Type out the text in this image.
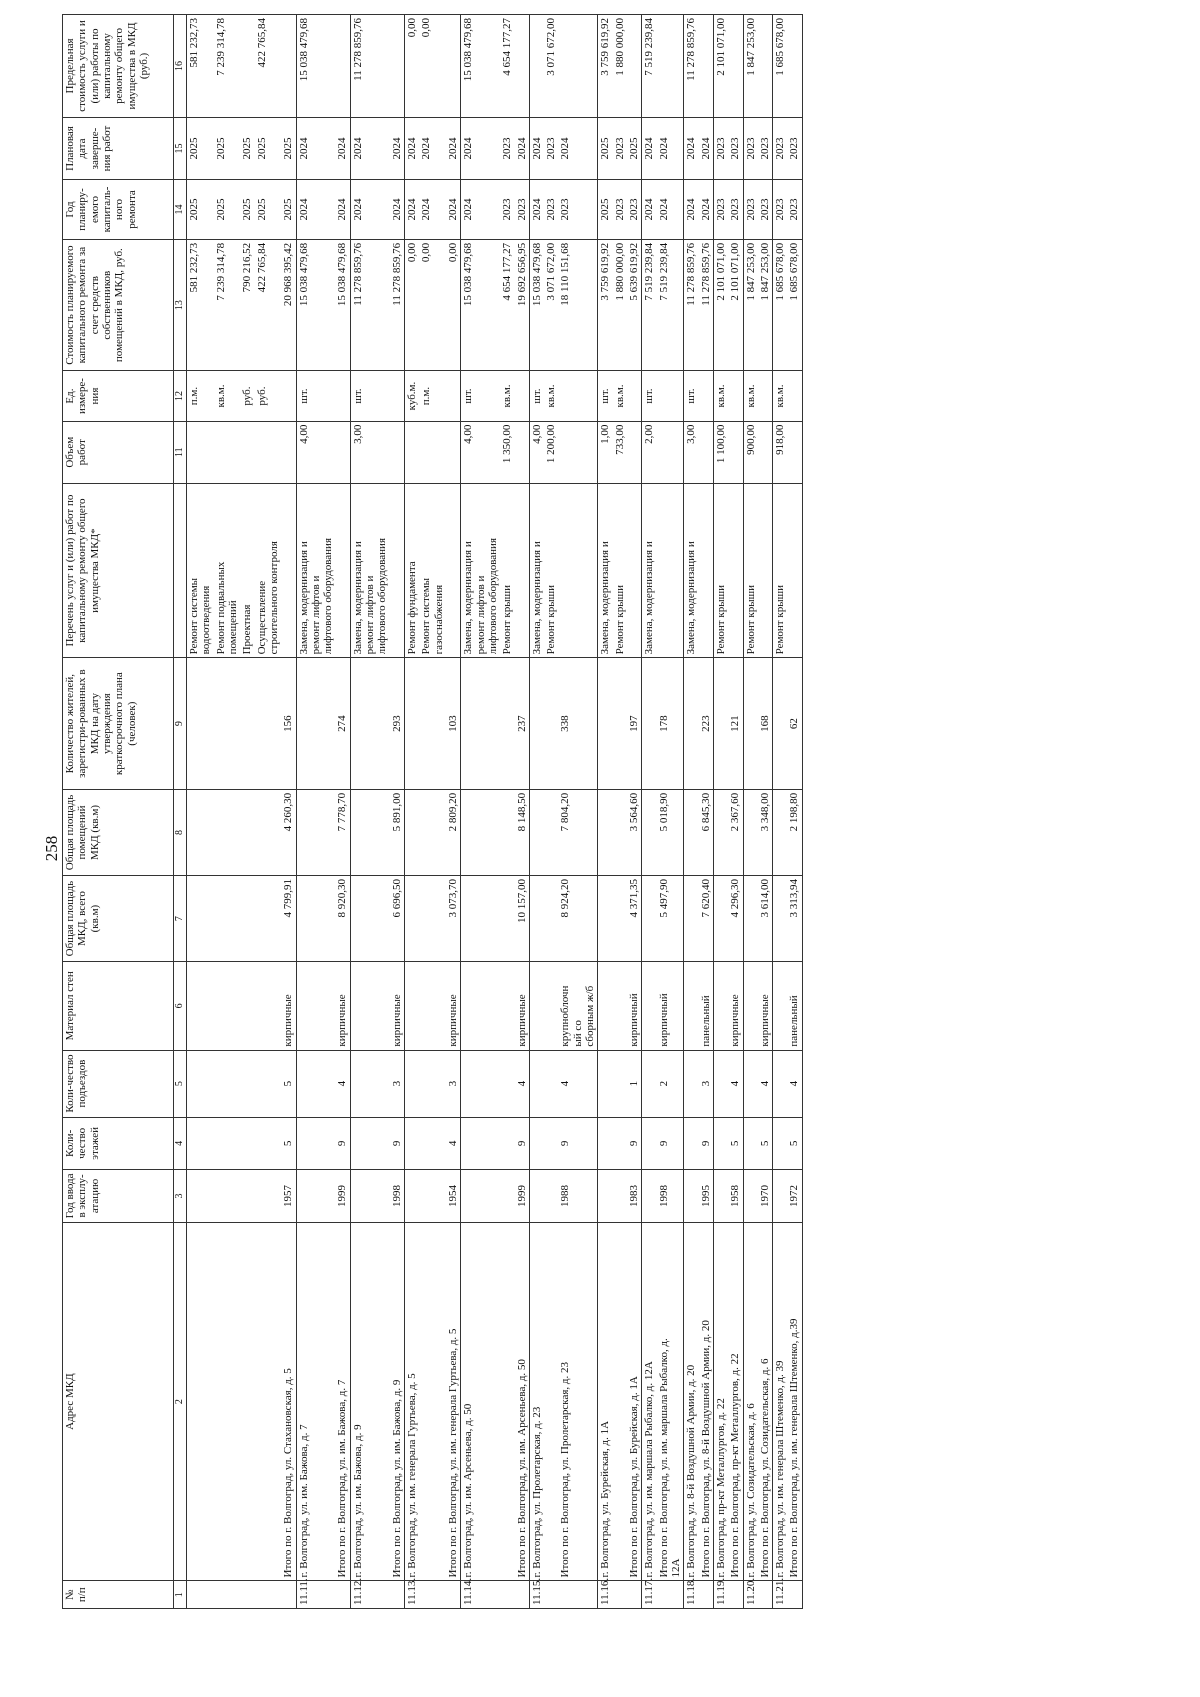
258
№ п/п	Адрес МКД	Год ввода в эксплу-атацию	Коли-чество этажей	Коли-чество подъездов	Материал стен	Общая площадь МКД, всего (кв.м)	Общая площадь помещений МКД (кв.м)	Количество жителей, зарегистри-рованных в МКД на дату утверждения краткосрочного плана (человек)	Перечень услуг и (или) работ по капитальному ремонту общего имущества МКД*	Объем работ	Ед. измере-ния	Стоимость планируемого капитального ремонта за счет средств собственников помещений в МКД, руб.	Год планиру-емого капиталь-ного ремонта	Плановая дата заверше-ния работ	Предельная стоимость услуги и (или) работы по капитальному ремонту общего имущества в МКД (руб.)
1	2	3	4	5	6	7	8	9		11	12	13	14	15	16

									Ремонт системы водоотведения		п.м.	581 232,73	2025	2025	581 232,73

									Ремонт подвальных помещений		кв.м.	7 239 314,78	2025	2025	7 239 314,78
									Проектная		руб.	790 216,52	2025	2025	

									Осуществление строительного контроля		руб.	422 765,84	2025	2025	422 765,84
	Итого по г. Волгоград, ул. Стахановская, д. 5	1957	5	5	кирпичные	4 799,91	4 260,30	156				20 968 395,42	2025	2025	
11.11.	г. Волгоград, ул. им. Бажова, д. 7								Замена, модернизация и ремонт лифтов и лифтового оборудования	4,00	шт.	15 038 479,68	2024	2024	15 038 479,68
	Итого по г. Волгоград, ул. им. Бажова, д. 7	1999	9	4	кирпичные	8 920,30	7 778,70	274				15 038 479,68	2024	2024	
11.12.	г. Волгоград, ул. им. Бажова, д. 9								Замена, модернизация и ремонт лифтов и лифтового оборудования	3,00	шт.	11 278 859,76	2024	2024	11 278 859,76
	Итого по г. Волгоград, ул. им. Бажова, д. 9	1998	9	3	кирпичные	6 696,50	5 891,00	293				11 278 859,76	2024	2024	
11.13.	г. Волгоград, ул. им. генерала Гуртьева, д. 5								Ремонт фундамента		куб.м.	0,00	2024	2024	0,00

									Ремонт системы газоснабжения		п.м.	0,00	2024	2024	0,00
	Итого по г. Волгоград, ул. им. генерала Гуртьева, д. 5	1954	4	3	кирпичные	3 073,70	2 809,20	103				0,00	2024	2024	
11.14.	г. Волгоград, ул. им. Арсеньева, д. 50								Замена, модернизация и ремонт лифтов и лифтового оборудования	4,00	шт.	15 038 479,68	2024	2024	15 038 479,68
									Ремонт крыши	1 350,00	кв.м.	4 654 177,27	2023	2023	4 654 177,27
	Итого по г. Волгоград, ул. им. Арсеньева, д. 50	1999	9	4	кирпичные	10 157,00	8 148,50	237				19 692 656,95	2023	2024	
11.15.	г. Волгоград, ул. Пролетарская, д. 23								Замена, модернизация и	4,00	шт.	15 038 479,68	2024	2024	
									Ремонт крыши	1 200,00	кв.м.	3 071 672,00	2023	2023	3 071 672,00
	Итого по г. Волгоград, ул. Пролетарская, д. 23	1988	9	4	крупноблочн ый со сборным ж/б	8 924,20	7 804,20	338				18 110 151,68	2023	2024	
11.16.	г. Волгоград, ул. Бурейская, д. 1А								Замена, модернизация и	1,00	шт.	3 759 619,92	2025	2025	3 759 619,92
									Ремонт крыши	733,00	кв.м.	1 880 000,00	2023	2023	1 880 000,00
	Итого по г. Волгоград, ул. Бурейская, д. 1А	1983	9	1	кирпичный	4 371,35	3 564,60	197				5 639 619,92	2023	2025	
11.17.	г. Волгоград, ул. им. маршала Рыбалко, д. 12А								Замена, модернизация и	2,00	шт.	7 519 239,84	2024	2024	7 519 239,84

	Итого по г. Волгоград, ул. им. маршала Рыбалко, д. 12А	1998	9	2	кирпичный	5 497,90	5 018,90	178				7 519 239,84	2024	2024	
11.18.	г. Волгоград, ул. 8-й Воздушной Армии, д. 20								Замена, модернизация и	3,00	шт.	11 278 859,76	2024	2024	11 278 859,76
	Итого по г. Волгоград, ул. 8-й Воздушной Армии, д. 20	1995	9	3	панельный	7 620,40	6 845,30	223				11 278 859,76	2024	2024	
11.19.	г. Волгоград, пр-кт Металлургов, д. 22								Ремонт крыши	1 100,00	кв.м.	2 101 071,00	2023	2023	2 101 071,00
	Итого по г. Волгоград, пр-кт Металлургов, д. 22	1958	5	4	кирпичные	4 296,30	2 367,60	121				2 101 071,00	2023	2023	
11.20.	г. Волгоград, ул. Созидательская, д. 6								Ремонт крыши	900,00	кв.м.	1 847 253,00	2023	2023	1 847 253,00
	Итого по г. Волгоград, ул. Созидательская, д. 6	1970	5	4	кирпичные	3 614,00	3 348,00	168				1 847 253,00	2023	2023	
11.21.	г. Волгоград, ул. им. генерала Штеменко, д. 39								Ремонт крыши	918,00	кв.м.	1 685 678,00	2023	2023	1 685 678,00
	Итого по г. Волгоград, ул. им. генерала Штеменко, д.39	1972	5	4	панельный	3 313,94	2 198,80	62				1 685 678,00	2023	2023	
